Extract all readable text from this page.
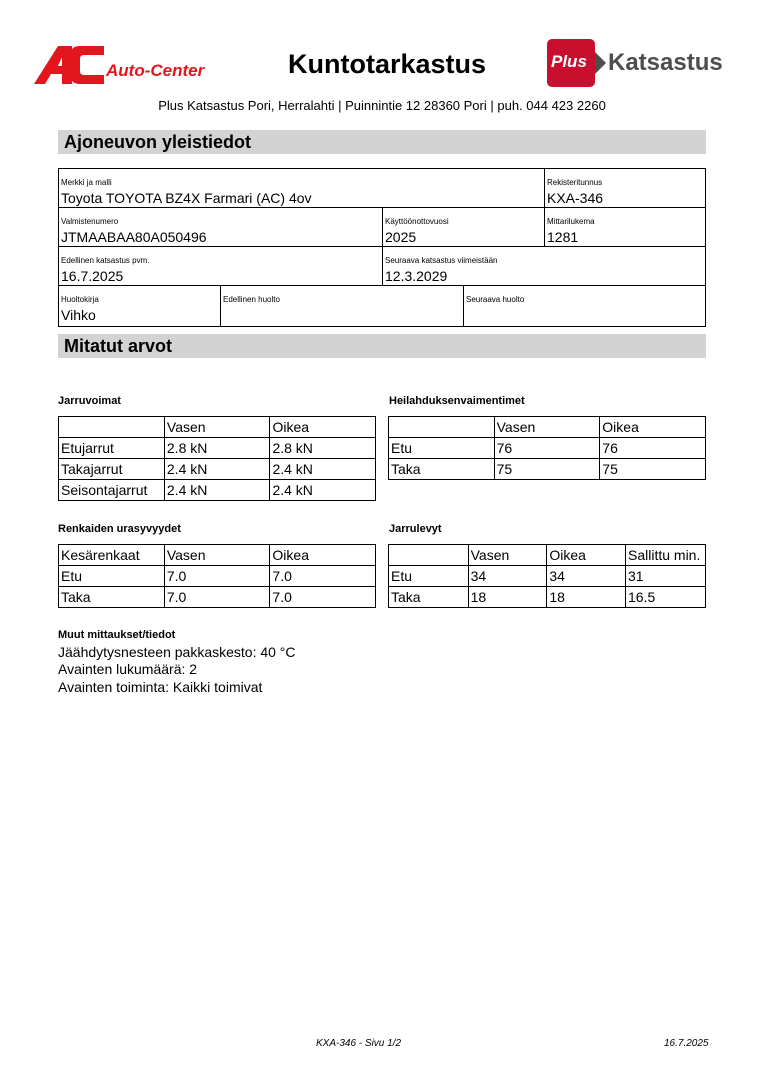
Auto-Center	Kuntotarkastus	Plus Katsastus
Plus Katsastus Pori, Herralahti | Puinnintie 12 28360 Pori | puh. 044 423 2260
Ajoneuvon yleistiedot
Merkki ja malli
Toyota TOYOTA BZ4X Farmari (AC) 4ov
Rekisteritunnus
KXA-346
Valmistenumero
JTMAABAA80A050496
Käyttöönottovuosi
2025
Mittarilukema
1281
Edellinen katsastus pvm.
16.7.2025
Seuraava katsastus viimeistään
12.3.2029
Huoltokirja
Vihko
Edellinen huolto	Seuraava huolto
Mitatut arvot
Jarruvoimat
	Vasen	Oikea
Etujarrut	2.8 kN	2.8 kN
Takajarrut	2.4 kN	2.4 kN
Seisontajarrut	2.4 kN	2.4 kN
Heilahduksenvaimentimet
	Vasen	Oikea
Etu	76	76
Taka	75	75
Renkaiden urasyvyydet
Kesärenkaat	Vasen	Oikea
Etu	7.0	7.0
Taka	7.0	7.0
Jarrulevyt
	Vasen	Oikea	Sallittu min.
Etu	34	34	31
Taka	18	18	16.5
Muut mittaukset/tiedot
Jäähdytysnesteen pakkaskesto: 40 °C
Avainten lukumäärä: 2
Avainten toiminta: Kaikki toimivat
KXA-346 - Sivu 1/2	16.7.2025
